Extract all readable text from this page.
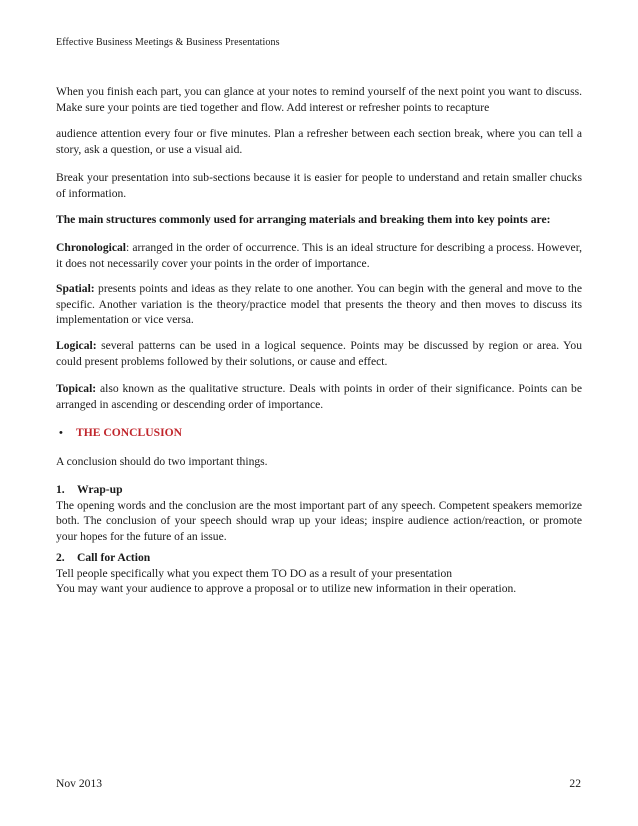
Effective Business Meetings & Business Presentations

When you finish each part, you can glance at your notes to remind yourself of the next point you want to discuss. Make sure your points are tied together and flow. Add interest or refresher points to recapture

audience attention every four or five minutes. Plan a refresher between each section break, where you can tell a story, ask a question, or use a visual aid.

Break your presentation into sub-sections because it is easier for people to understand and retain smaller chucks of information.

The main structures commonly used for arranging materials and breaking them into key points are:

Chronological: arranged in the order of occurrence. This is an ideal structure for describing a process. However, it does not necessarily cover your points in the order of importance.

Spatial: presents points and ideas as they relate to one another. You can begin with the general and move to the specific. Another variation is the theory/practice model that presents the theory and then moves to discuss its implementation or vice versa.

Logical: several patterns can be used in a logical sequence. Points may be discussed by region or area. You could present problems followed by their solutions, or cause and effect.

Topical: also known as the qualitative structure. Deals with points in order of their significance. Points can be arranged in ascending or descending order of importance.

• THE CONCLUSION

A conclusion should do two important things.

1. Wrap-up

The opening words and the conclusion are the most important part of any speech. Competent speakers memorize both. The conclusion of your speech should wrap up your ideas; inspire audience action/reaction, or promote your hopes for the future of an issue.

2. Call for Action

Tell people specifically what you expect them TO DO as a result of your presentation

You may want your audience to approve a proposal or to utilize new information in their operation.

Nov 2013	22
